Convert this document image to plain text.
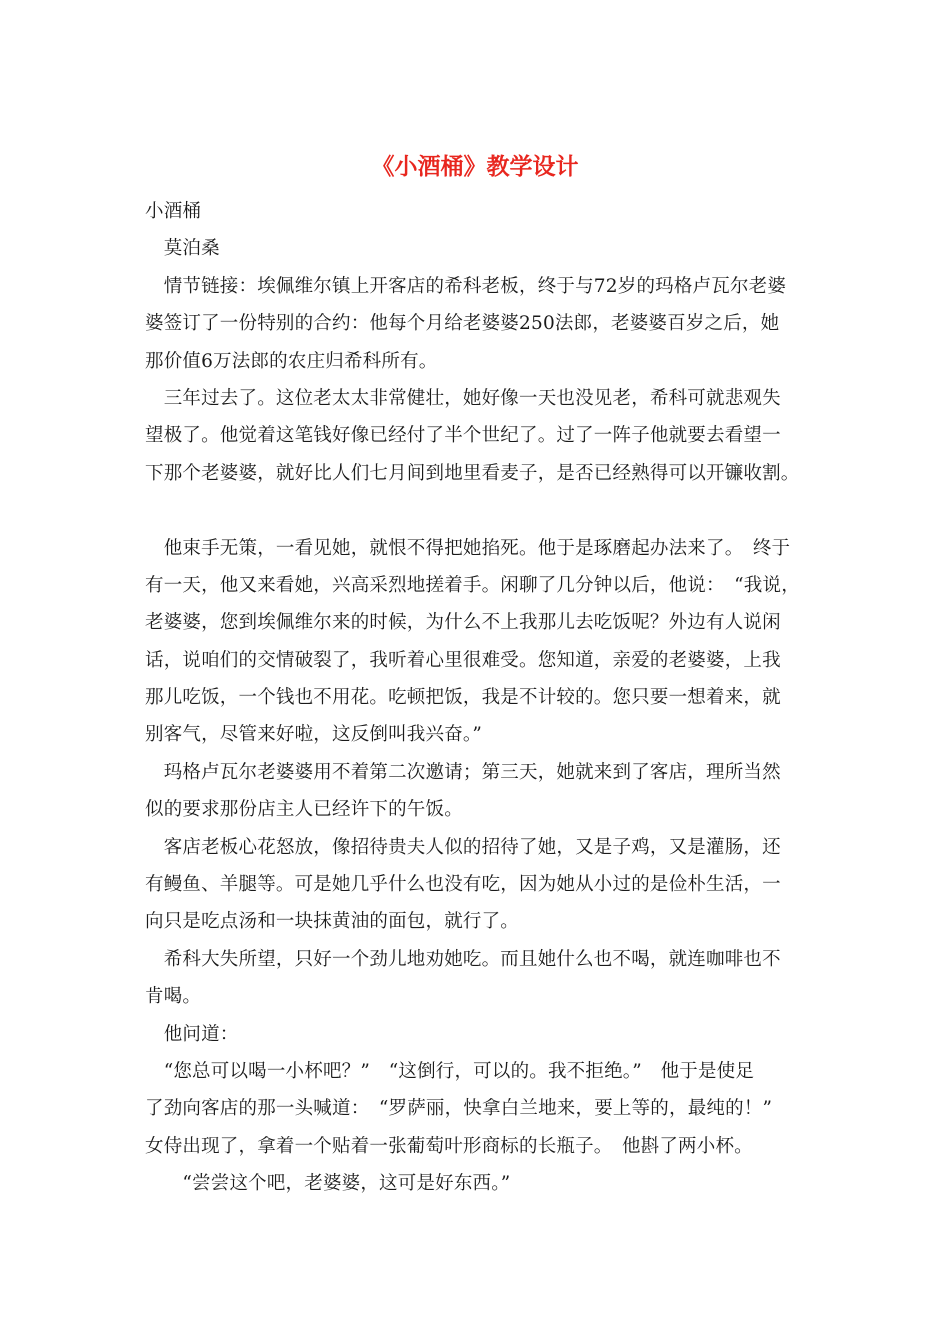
《小酒桶》教学设计
小酒桶
　莫泊桑
　情节链接：埃佩维尔镇上开客店的希科老板，终于与72岁的玛格卢瓦尔老婆
婆签订了一份特别的合约：他每个月给老婆婆250法郎，老婆婆百岁之后，她
那价值6万法郎的农庄归希科所有。
　三年过去了。这位老太太非常健壮，她好像一天也没见老，希科可就悲观失
望极了。他觉着这笔钱好像已经付了半个世纪了。过了一阵子他就要去看望一
下那个老婆婆，就好比人们七月间到地里看麦子，是否已经熟得可以开镰收割。
　他束手无策，一看见她，就恨不得把她掐死。他于是琢磨起办法来了。　终于
有一天，他又来看她，兴高采烈地搓着手。闲聊了几分钟以后，他说：　“我说，
老婆婆，您到埃佩维尔来的时候，为什么不上我那儿去吃饭呢？外边有人说闲
话，说咱们的交情破裂了，我听着心里很难受。您知道，亲爱的老婆婆，上我
那儿吃饭，一个钱也不用花。吃顿把饭，我是不计较的。您只要一想着来，就
别客气，尽管来好啦，这反倒叫我兴奋。”
　玛格卢瓦尔老婆婆用不着第二次邀请；第三天，她就来到了客店，理所当然
似的要求那份店主人已经许下的午饭。
　客店老板心花怒放，像招待贵夫人似的招待了她，又是子鸡，又是灌肠，还
有鳗鱼、羊腿等。可是她几乎什么也没有吃，因为她从小过的是俭朴生活，一
向只是吃点汤和一块抹黄油的面包，就行了。
　希科大失所望，只好一个劲儿地劝她吃。而且她什么也不喝，就连咖啡也不
肯喝。
　他问道：
　“您总可以喝一小杯吧？”　“这倒行，可以的。我不拒绝。”　他于是使足
了劲向客店的那一头喊道：　“罗萨丽，快拿白兰地来，要上等的，最纯的！”
女侍出现了，拿着一个贴着一张葡萄叶形商标的长瓶子。　他斟了两小杯。
　　“尝尝这个吧，老婆婆，这可是好东西。”
